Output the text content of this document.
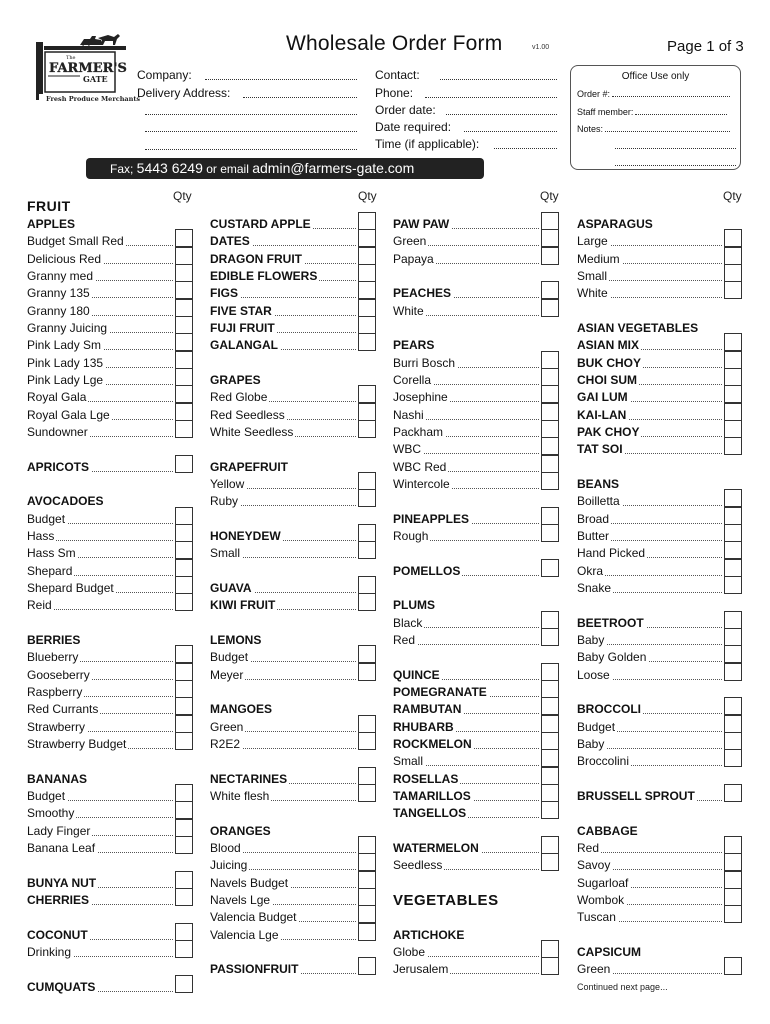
The
FARMER'S
GATE
Fresh Produce Merchants
Wholesale Order Form	v1.00	Page 1 of 3
Company:
Delivery Address:
Contact:
Phone:
Order date:
Date required:
Time (if applicable):
Office Use only
Order #:
Staff member:
Notes:
Fax; 5443 6249 or email admin@farmers-gate.com
FRUIT
Qty
APPLES
Budget Small Red
Delicious Red
Granny med
Granny 135
Granny 180
Granny Juicing
Pink Lady Sm
Pink Lady 135
Pink Lady Lge
Royal Gala
Royal Gala Lge
Sundowner
APRICOTS
AVOCADOES
Budget
Hass
Hass Sm
Shepard
Shepard Budget
Reid
BERRIES
Blueberry
Gooseberry
Raspberry
Red Currants
Strawberry
Strawberry Budget
BANANAS
Budget
Smoothy
Lady Finger
Banana Leaf
BUNYA NUT
CHERRIES
COCONUT
Drinking
CUMQUATS
Qty
CUSTARD APPLE
DATES
DRAGON FRUIT
EDIBLE FLOWERS
FIGS
FIVE STAR
FUJI FRUIT
GALANGAL
GRAPES
Red Globe
Red Seedless
White Seedless
GRAPEFRUIT
Yellow
Ruby
HONEYDEW
Small
GUAVA
KIWI FRUIT
LEMONS
Budget
Meyer
MANGOES
Green
R2E2
NECTARINES
White flesh
ORANGES
Blood
Juicing
Navels Budget
Navels Lge
Valencia Budget
Valencia Lge
PASSIONFRUIT
Qty
PAW PAW
Green
Papaya
PEACHES
White
PEARS
Burri Bosch
Corella
Josephine
Nashi
Packham
WBC
WBC Red
Wintercole
PINEAPPLES
Rough
POMELLOS
PLUMS
Black
Red
QUINCE
POMEGRANATE
RAMBUTAN
RHUBARB
ROCKMELON
Small
ROSELLAS
TAMARILLOS
TANGELLOS
WATERMELON
Seedless
VEGETABLES
ARTICHOKE
Globe
Jerusalem
Qty
ASPARAGUS
Large
Medium
Small
White
ASIAN VEGETABLES
ASIAN MIX
BUK CHOY
CHOI SUM
GAI LUM
KAI-LAN
PAK CHOY
TAT SOI
BEANS
Boilletta
Broad
Butter
Hand Picked
Okra
Snake
BEETROOT
Baby
Baby Golden
Loose
BROCCOLI
Budget
Baby
Broccolini
BRUSSELL SPROUT
CABBAGE
Red
Savoy
Sugarloaf
Wombok
Tuscan
CAPSICUM
Green
Continued next page...
